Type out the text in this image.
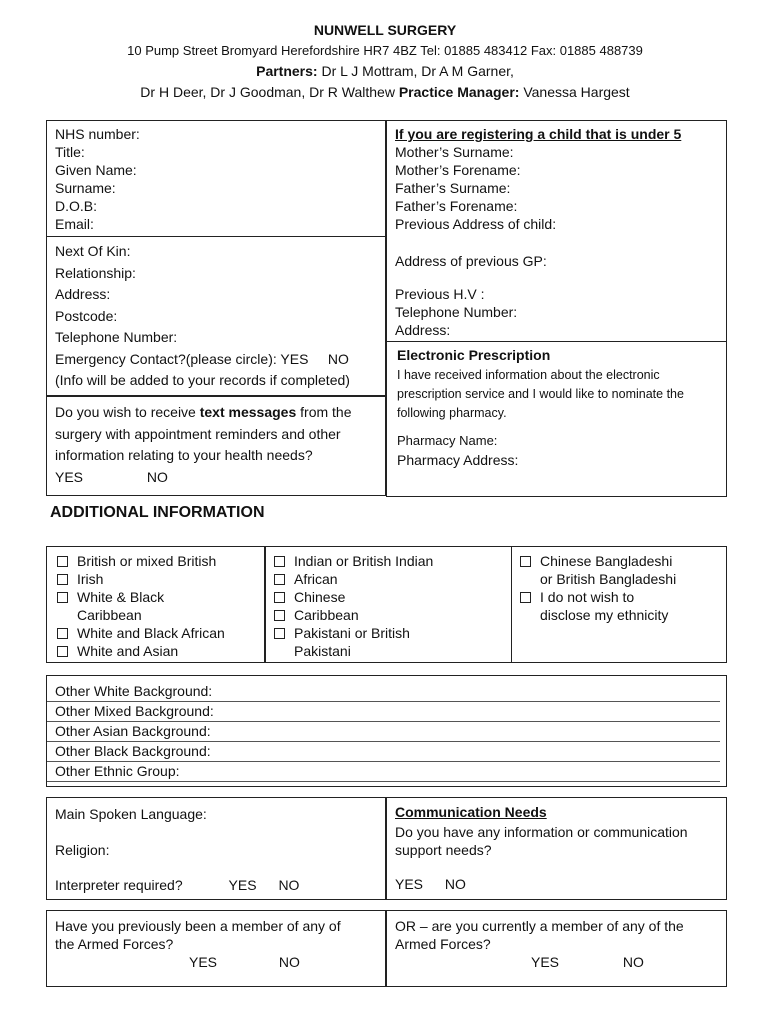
NUNWELL SURGERY
10 Pump Street Bromyard Herefordshire HR7 4BZ Tel: 01885 483412 Fax: 01885 488739
Partners: Dr L J Mottram, Dr A M Garner,
Dr H Deer, Dr J Goodman, Dr R Walthew Practice Manager: Vanessa Hargest
NHS number:
Title:
Given Name:
Surname:
D.O.B:
Email:
If you are registering a child that is under 5
Mother’s Surname:
Mother’s Forename:
Father’s Surname:
Father’s Forename:
Previous Address of child:
Address of previous GP:
Previous H.V :
Telephone Number:
Address:
Next Of Kin:
Relationship:
Address:
Postcode:
Telephone Number:
Emergency Contact?(please circle): YES     NO
(Info will be added to your records if completed)
Do you wish to receive text messages from the
surgery with appointment reminders and other
information relating to your health needs?
YES	NO
Electronic Prescription
I have received information about the electronic
prescription service and I would like to nominate the
following pharmacy.
Pharmacy Name:
Pharmacy Address:
ADDITIONAL INFORMATION
British or mixed British
Irish
White & Black
Caribbean
White and Black African
White and Asian
Indian or British Indian
African
Chinese
Caribbean
Pakistani or British
Pakistani
Chinese Bangladeshi
or British Bangladeshi
I do not wish to
disclose my ethnicity
Other White Background:
Other Mixed Background:
Other Asian Background:
Other Black Background:
Other Ethnic Group:
Main Spoken Language:
Religion:
Interpreter required?	YES NO
Communication Needs
Do you have any information or communication
support needs?
YES NO
Have you previously been a member of any of
the Armed Forces?
YES	NO
OR – are you currently a member of any of the
Armed Forces?
YES	NO
